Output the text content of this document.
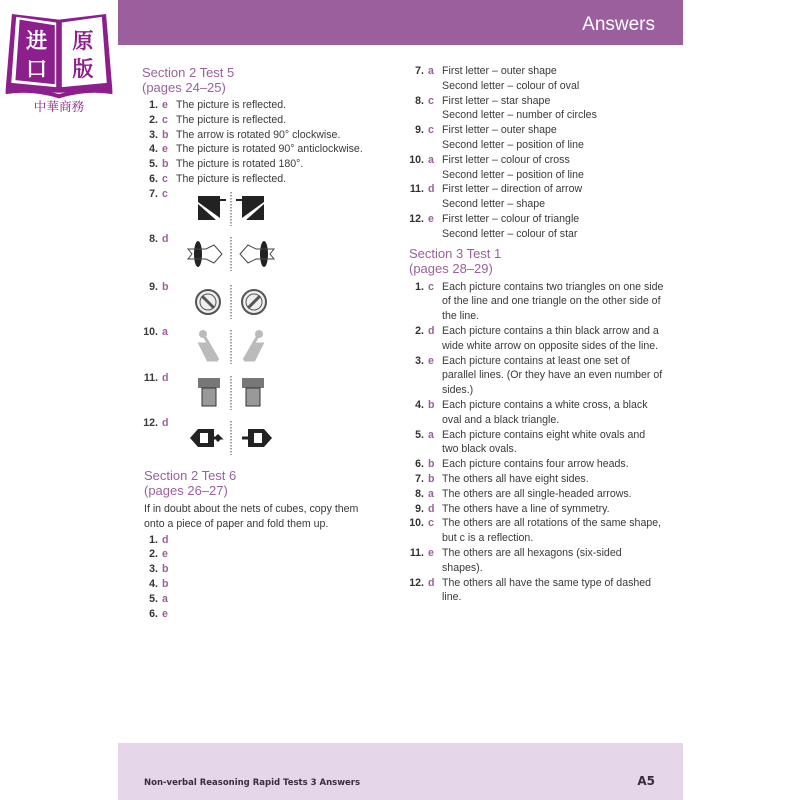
Answers
Section 2 Test 5
(pages 24–25)
1. e The picture is reflected.
2. c The picture is reflected.
3. b The arrow is rotated 90° clockwise.
4. e The picture is rotated 90° anticlockwise.
5. b The picture is rotated 180°.
6. c The picture is reflected.
7. c
8. d
9. b
10. a
11. d
12. d
Section 2 Test 6
(pages 26–27)
If in doubt about the nets of cubes, copy them onto a piece of paper and fold them up.
1. d
2. e
3. b
4. b
5. a
6. e
7. a First letter – outer shape
Second letter – colour of oval
8. c First letter – star shape
Second letter – number of circles
9. c First letter – outer shape
Second letter – position of line
10. a First letter – colour of cross
Second letter – position of line
11. d First letter – direction of arrow
Second letter – shape
12. e First letter – colour of triangle
Second letter – colour of star
Section 3 Test 1
(pages 28–29)
1. c Each picture contains two triangles on one side of the line and one triangle on the other side of the line.
2. d Each picture contains a thin black arrow and a wide white arrow on opposite sides of the line.
3. e Each picture contains at least one set of parallel lines. (Or they have an even number of sides.)
4. b Each picture contains a white cross, a black oval and a black triangle.
5. a Each picture contains eight white ovals and two black ovals.
6. b Each picture contains four arrow heads.
7. b The others all have eight sides.
8. a The others are all single-headed arrows.
9. d The others have a line of symmetry.
10. c The others are all rotations of the same shape, but c is a reflection.
11. e The others are all hexagons (six-sided shapes).
12. d The others all have the same type of dashed line.
Non-verbal Reasoning Rapid Tests 3 Answers	A5
进
口
原
版
中華商務
